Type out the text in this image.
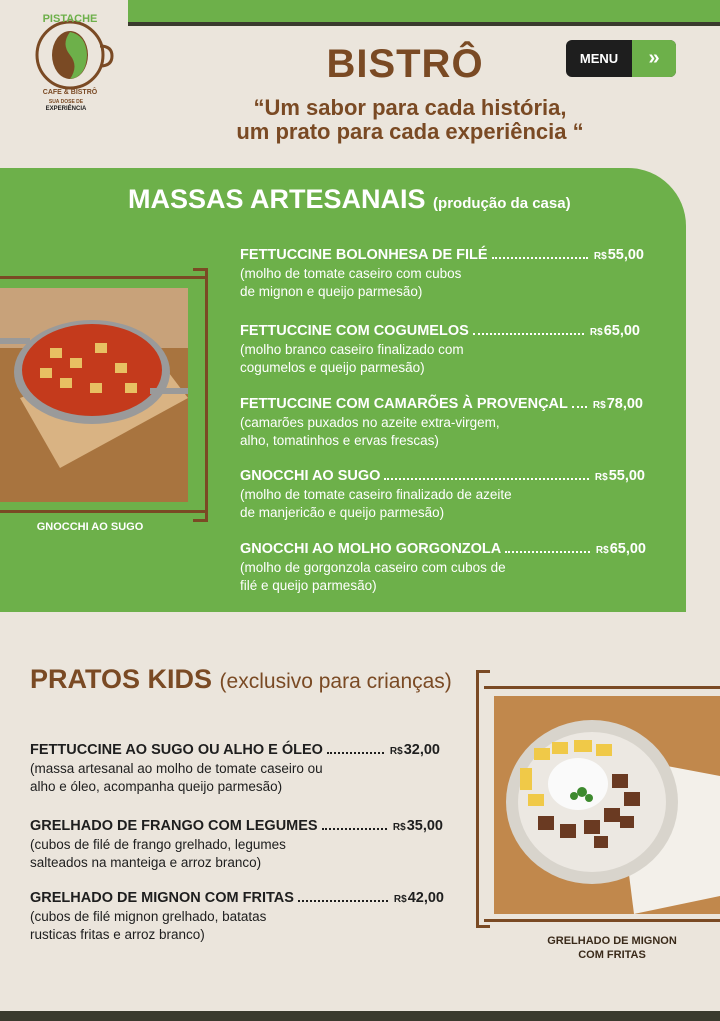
PISTACHE
CAFE & BISTRÔ
SUA DOSE DE
EXPERIÊNCIA
BISTRÔ	MENU	»
“Um sabor para cada história,
um prato para cada experiência “
MASSAS ARTESANAIS (produção da casa)
GNOCCHI AO SUGO
FETTUCCINE BOLONHESA DE FILÉ	R$55,00
(molho de tomate caseiro com cubos
de mignon e queijo parmesão)
FETTUCCINE COM COGUMELOS	R$65,00
(molho branco caseiro finalizado com
cogumelos e queijo parmesão)
FETTUCCINE COM CAMARÕES À PROVENÇAL	R$78,00
(camarões puxados no azeite extra-virgem,
alho, tomatinhos e ervas frescas)
GNOCCHI AO SUGO	R$55,00
(molho de tomate caseiro finalizado de azeite
de manjericão e queijo parmesão)
GNOCCHI AO MOLHO GORGONZOLA	R$65,00
(molho de gorgonzola caseiro com cubos de
filé e queijo parmesão)
PRATOS KIDS (exclusivo para crianças)
FETTUCCINE AO SUGO OU ALHO E ÓLEO	R$32,00
(massa artesanal ao molho de tomate caseiro ou
alho e óleo, acompanha queijo parmesão)
GRELHADO DE FRANGO COM LEGUMES	R$35,00
(cubos de filé de frango grelhado, legumes
salteados na manteiga e arroz branco)
GRELHADO DE MIGNON COM FRITAS	R$42,00
(cubos de filé mignon grelhado, batatas
rusticas fritas e arroz branco)	GRELHADO DE MIGNON
COM FRITAS
